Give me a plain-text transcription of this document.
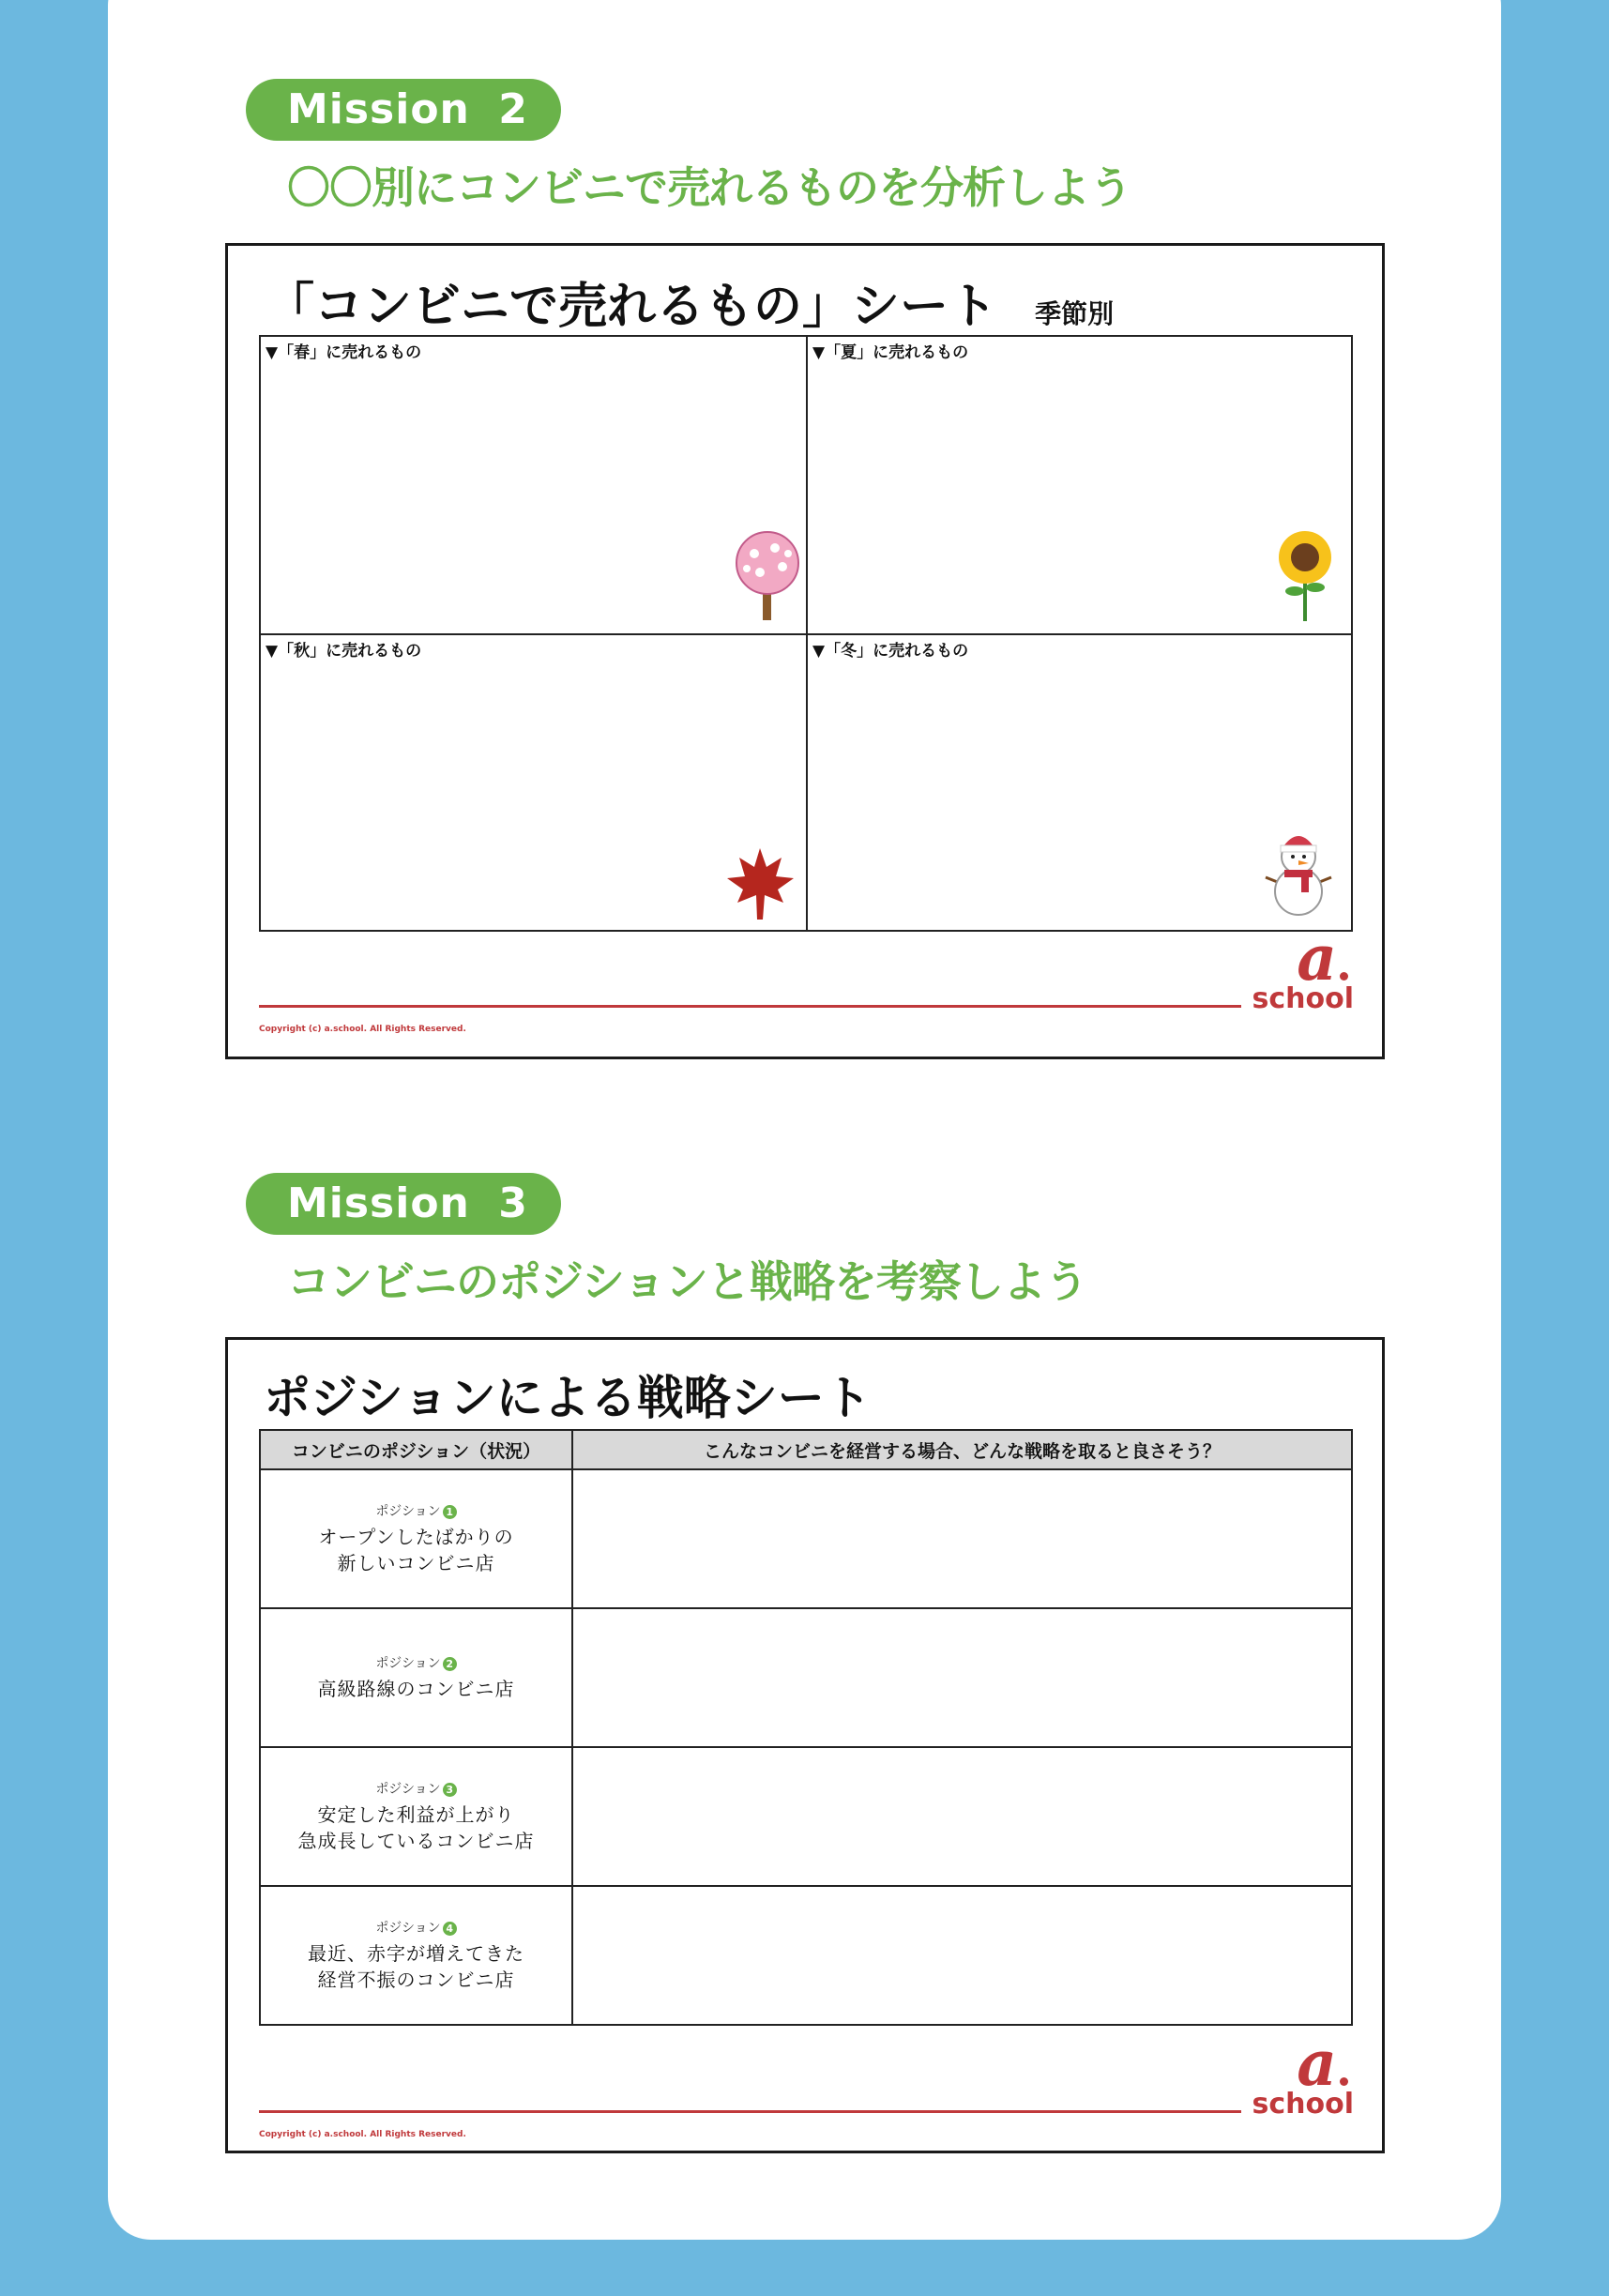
Mission 2
〇〇別にコンビニで売れるものを分析しよう
「コンビニで売れるもの」シート 季節別
▼「春」に売れるもの	▼「夏」に売れるもの
▼「秋」に売れるもの	▼「冬」に売れるもの
Copyright (c) a.school. All Rights Reserved.
a
school
Mission 3
コンビニのポジションと戦略を考察しよう
ポジションによる戦略シート
コンビニのポジション（状況）	こんなコンビニを経営する場合、どんな戦略を取ると良さそう？

ポジション 1
オープンしたばかりの
新しいコンビニ店	

ポジション 2
高級路線のコンビニ店	

ポジション 3
安定した利益が上がり
急成長しているコンビニ店	

ポジション 4
最近、赤字が増えてきた
経営不振のコンビニ店	

Copyright (c) a.school. All Rights Reserved.
a
school
